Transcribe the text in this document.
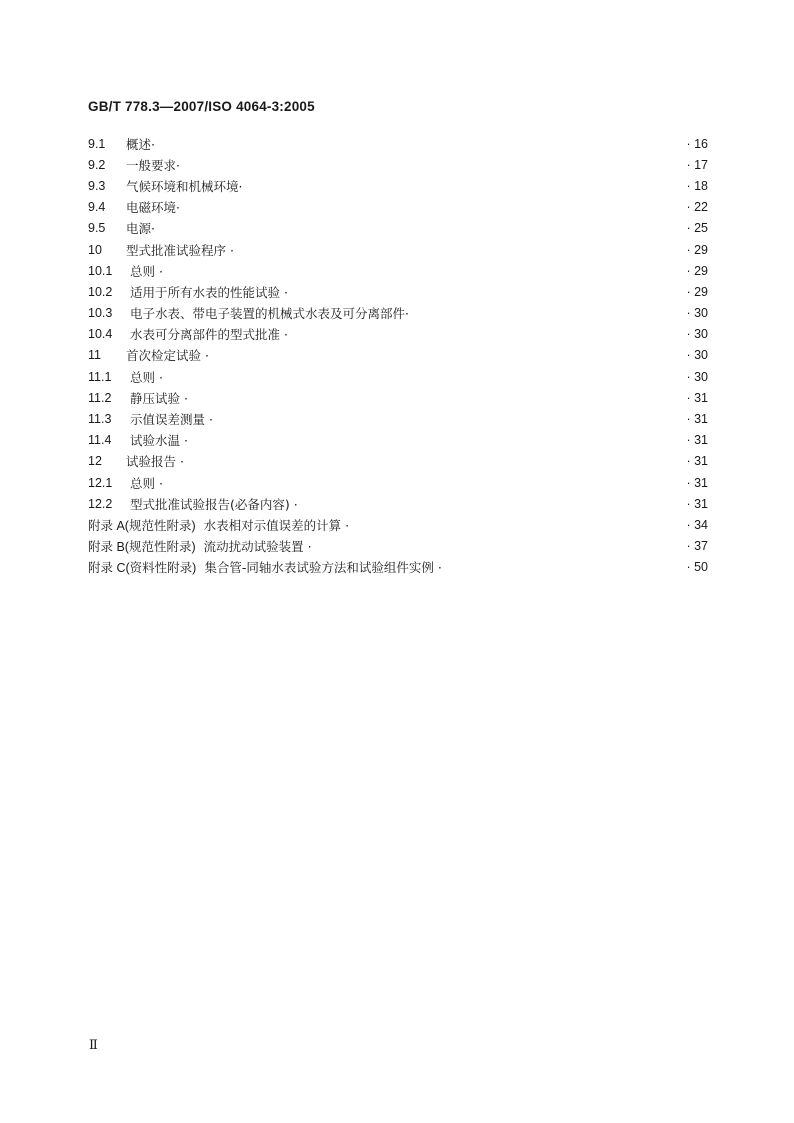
GB/T 778.3—2007/ISO 4064-3:2005
9.1	概述·	· 16
9.2	一般要求·	· 17
9.3	气候环境和机械环境·	· 18
9.4	电磁环境·	· 22
9.5	电源·	· 25
10	型式批准试验程序 ·	· 29
10.1	总则 ·	· 29
10.2	适用于所有水表的性能试验 ·	· 29
10.3	电子水表、带电子装置的机械式水表及可分离部件·	· 30
10.4	水表可分离部件的型式批准 ·	· 30
11	首次检定试验 ·	· 30
11.1	总则 ·	· 30
11.2	静压试验 ·	· 31
11.3	示值误差测量 ·	· 31
11.4	试验水温 ·	· 31
12	试验报告 ·	· 31
12.1	总则 ·	· 31
12.2	型式批准试验报告(必备内容) ·	· 31
附录 A(规范性附录) 水表相对示值误差的计算 ·	· 34
附录 B(规范性附录) 流动扰动试验装置 ·	· 37
附录 C(资料性附录) 集合管-同轴水表试验方法和试验组件实例 ·	· 50
Ⅱ
